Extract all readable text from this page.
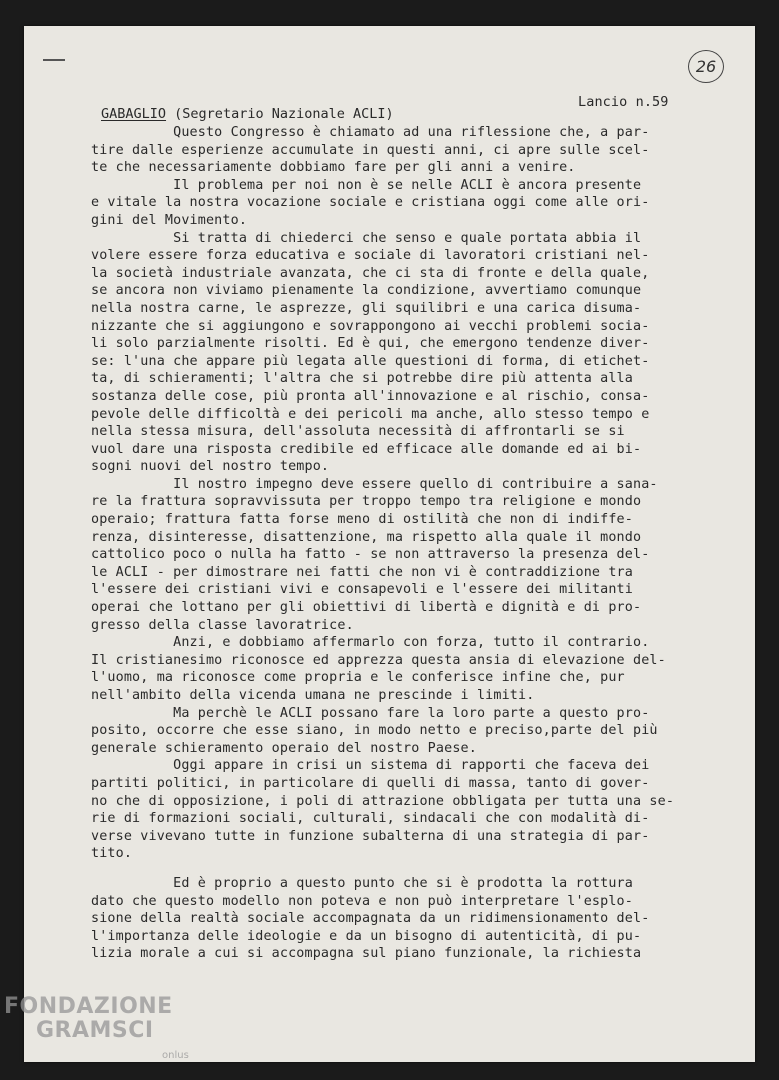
26
Lancio n.59
GABAGLIO (Segretario Nazionale ACLI)
Questo Congresso è chiamato ad una riflessione che, a par-
tire dalle esperienze accumulate in questi anni, ci apre sulle scel-
te che necessariamente dobbiamo fare per gli anni a venire.
Il problema per noi non è se nelle ACLI è ancora presente
e vitale la nostra vocazione sociale e cristiana oggi come alle ori-
gini del Movimento.
Si tratta di chiederci che senso e quale portata abbia il
volere essere forza educativa e sociale di lavoratori cristiani nel-
la società industriale avanzata, che ci sta di fronte e della quale,
se ancora non viviamo pienamente la condizione, avvertiamo comunque
nella nostra carne, le asprezze, gli squilibri e una carica disuma-
nizzante che si aggiungono e sovrappongono ai vecchi problemi socia-
li solo parzialmente risolti. Ed è qui, che emergono tendenze diver-
se: l'una che appare più legata alle questioni di forma, di etichet-
ta, di schieramenti; l'altra che si potrebbe dire più attenta alla
sostanza delle cose, più pronta all'innovazione e al rischio, consa-
pevole delle difficoltà e dei pericoli ma anche, allo stesso tempo e
nella stessa misura, dell'assoluta necessità di affrontarli se si
vuol dare una risposta credibile ed efficace alle domande ed ai bi-
sogni nuovi del nostro tempo.
Il nostro impegno deve essere quello di contribuire a sana-
re la frattura sopravvissuta per troppo tempo tra religione e mondo
operaio; frattura fatta forse meno di ostilità che non di indiffe-
renza, disinteresse, disattenzione, ma rispetto alla quale il mondo
cattolico poco o nulla ha fatto - se non attraverso la presenza del-
le ACLI - per dimostrare nei fatti che non vi è contraddizione tra
l'essere dei cristiani vivi e consapevoli e l'essere dei militanti
operai che lottano per gli obiettivi di libertà e dignità e di pro-
gresso della classe lavoratrice.
Anzi, e dobbiamo affermarlo con forza, tutto il contrario.
Il cristianesimo riconosce ed apprezza questa ansia di elevazione del-
l'uomo, ma riconosce come propria e le conferisce infine che, pur
nell'ambito della vicenda umana ne prescinde i limiti.
Ma perchè le ACLI possano fare la loro parte a questo pro-
posito, occorre che esse siano, in modo netto e preciso,parte del più
generale schieramento operaio del nostro Paese.
Oggi appare in crisi un sistema di rapporti che faceva dei
partiti politici, in particolare di quelli di massa, tanto di gover-
no che di opposizione, i poli di attrazione obbligata per tutta una se-
rie di formazioni sociali, culturali, sindacali che con modalità di-
verse vivevano tutte in funzione subalterna di una strategia di par-
tito.
Ed è proprio a questo punto che si è prodotta la rottura
dato che questo modello non poteva e non può interpretare l'esplo-
sione della realtà sociale accompagnata da un ridimensionamento del-
l'importanza delle ideologie e da un bisogno di autenticità, di pu-
lizia morale a cui si accompagna sul piano funzionale, la richiesta
FONDAZIONE
GRAMSCI
onlus
